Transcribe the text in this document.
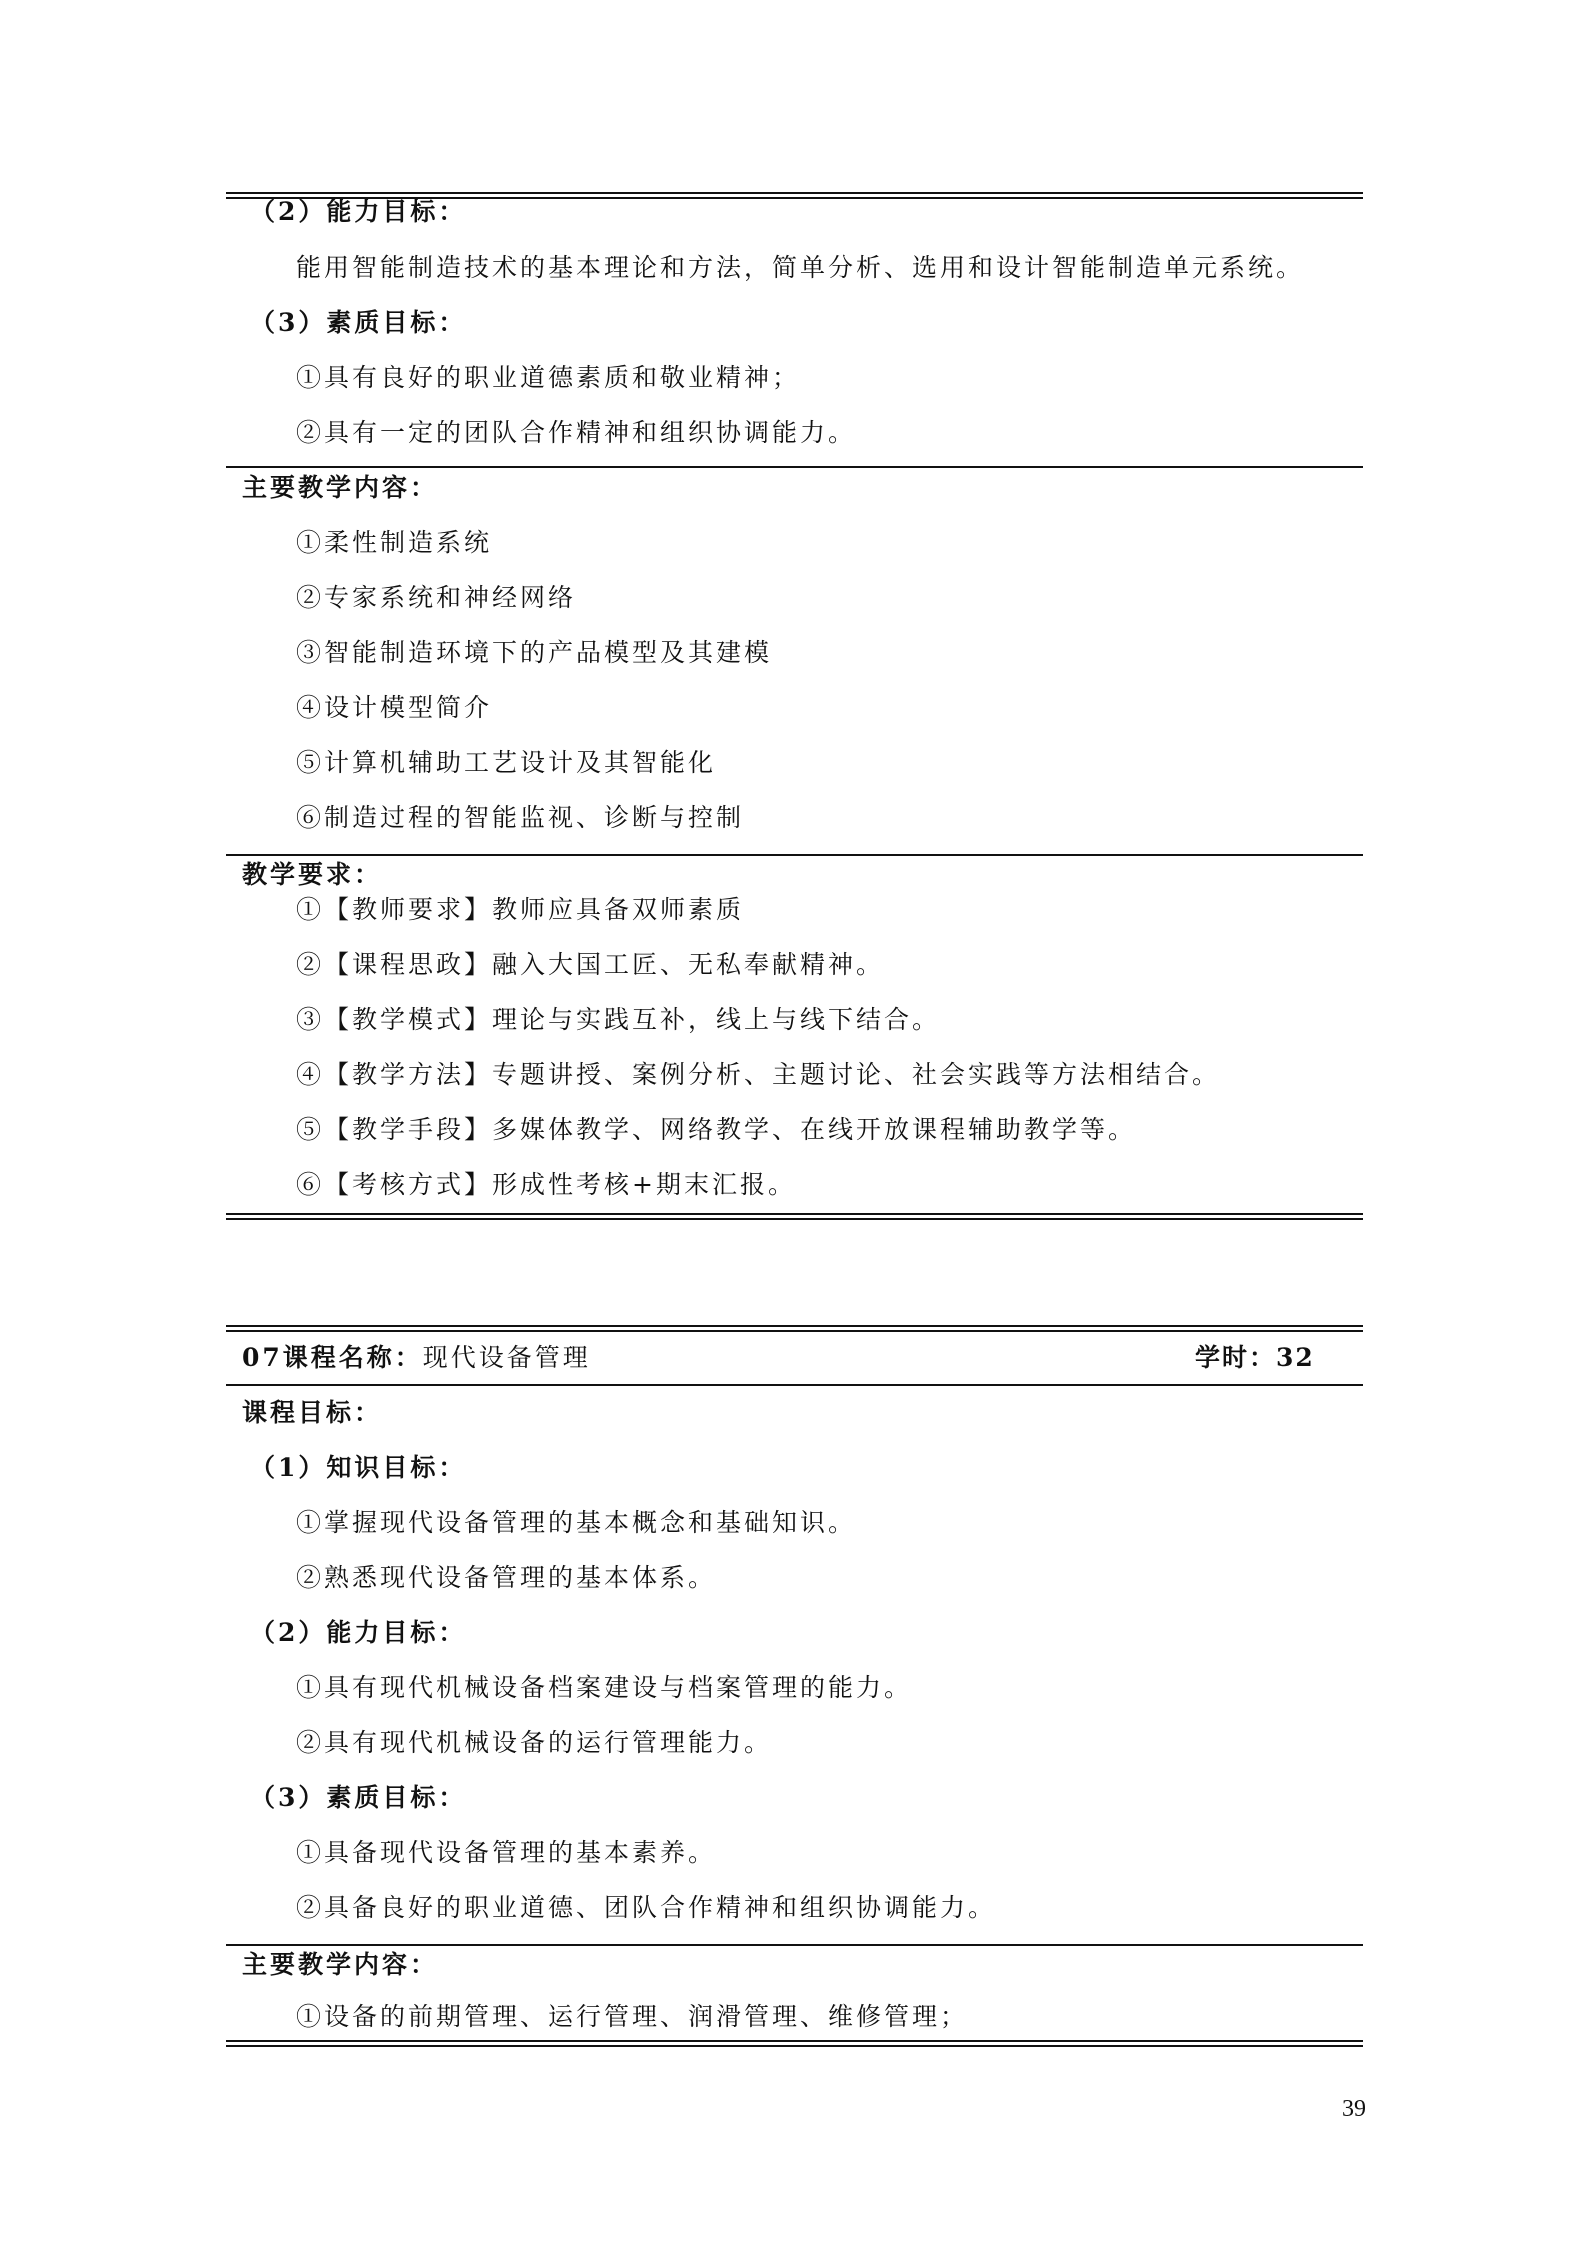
（2）能力目标：
能用智能制造技术的基本理论和方法，简单分析、选用和设计智能制造单元系统。
（3）素质目标：
①具有良好的职业道德素质和敬业精神；
②具有一定的团队合作精神和组织协调能力。
主要教学内容：
①柔性制造系统
②专家系统和神经网络
③智能制造环境下的产品模型及其建模
④设计模型简介
⑤计算机辅助工艺设计及其智能化
⑥制造过程的智能监视、诊断与控制
教学要求：
①【教师要求】教师应具备双师素质
②【课程思政】融入大国工匠、无私奉献精神。
③【教学模式】理论与实践互补，线上与线下结合。
④【教学方法】专题讲授、案例分析、主题讨论、社会实践等方法相结合。
⑤【教学手段】多媒体教学、网络教学、在线开放课程辅助教学等。
⑥【考核方式】形成性考核+期末汇报。
07课程名称：现代设备管理	学时：32
课程目标：
（1）知识目标：
①掌握现代设备管理的基本概念和基础知识。
②熟悉现代设备管理的基本体系。
（2）能力目标：
①具有现代机械设备档案建设与档案管理的能力。
②具有现代机械设备的运行管理能力。
（3）素质目标：
①具备现代设备管理的基本素养。
②具备良好的职业道德、团队合作精神和组织协调能力。
主要教学内容：
①设备的前期管理、运行管理、润滑管理、维修管理；
39
